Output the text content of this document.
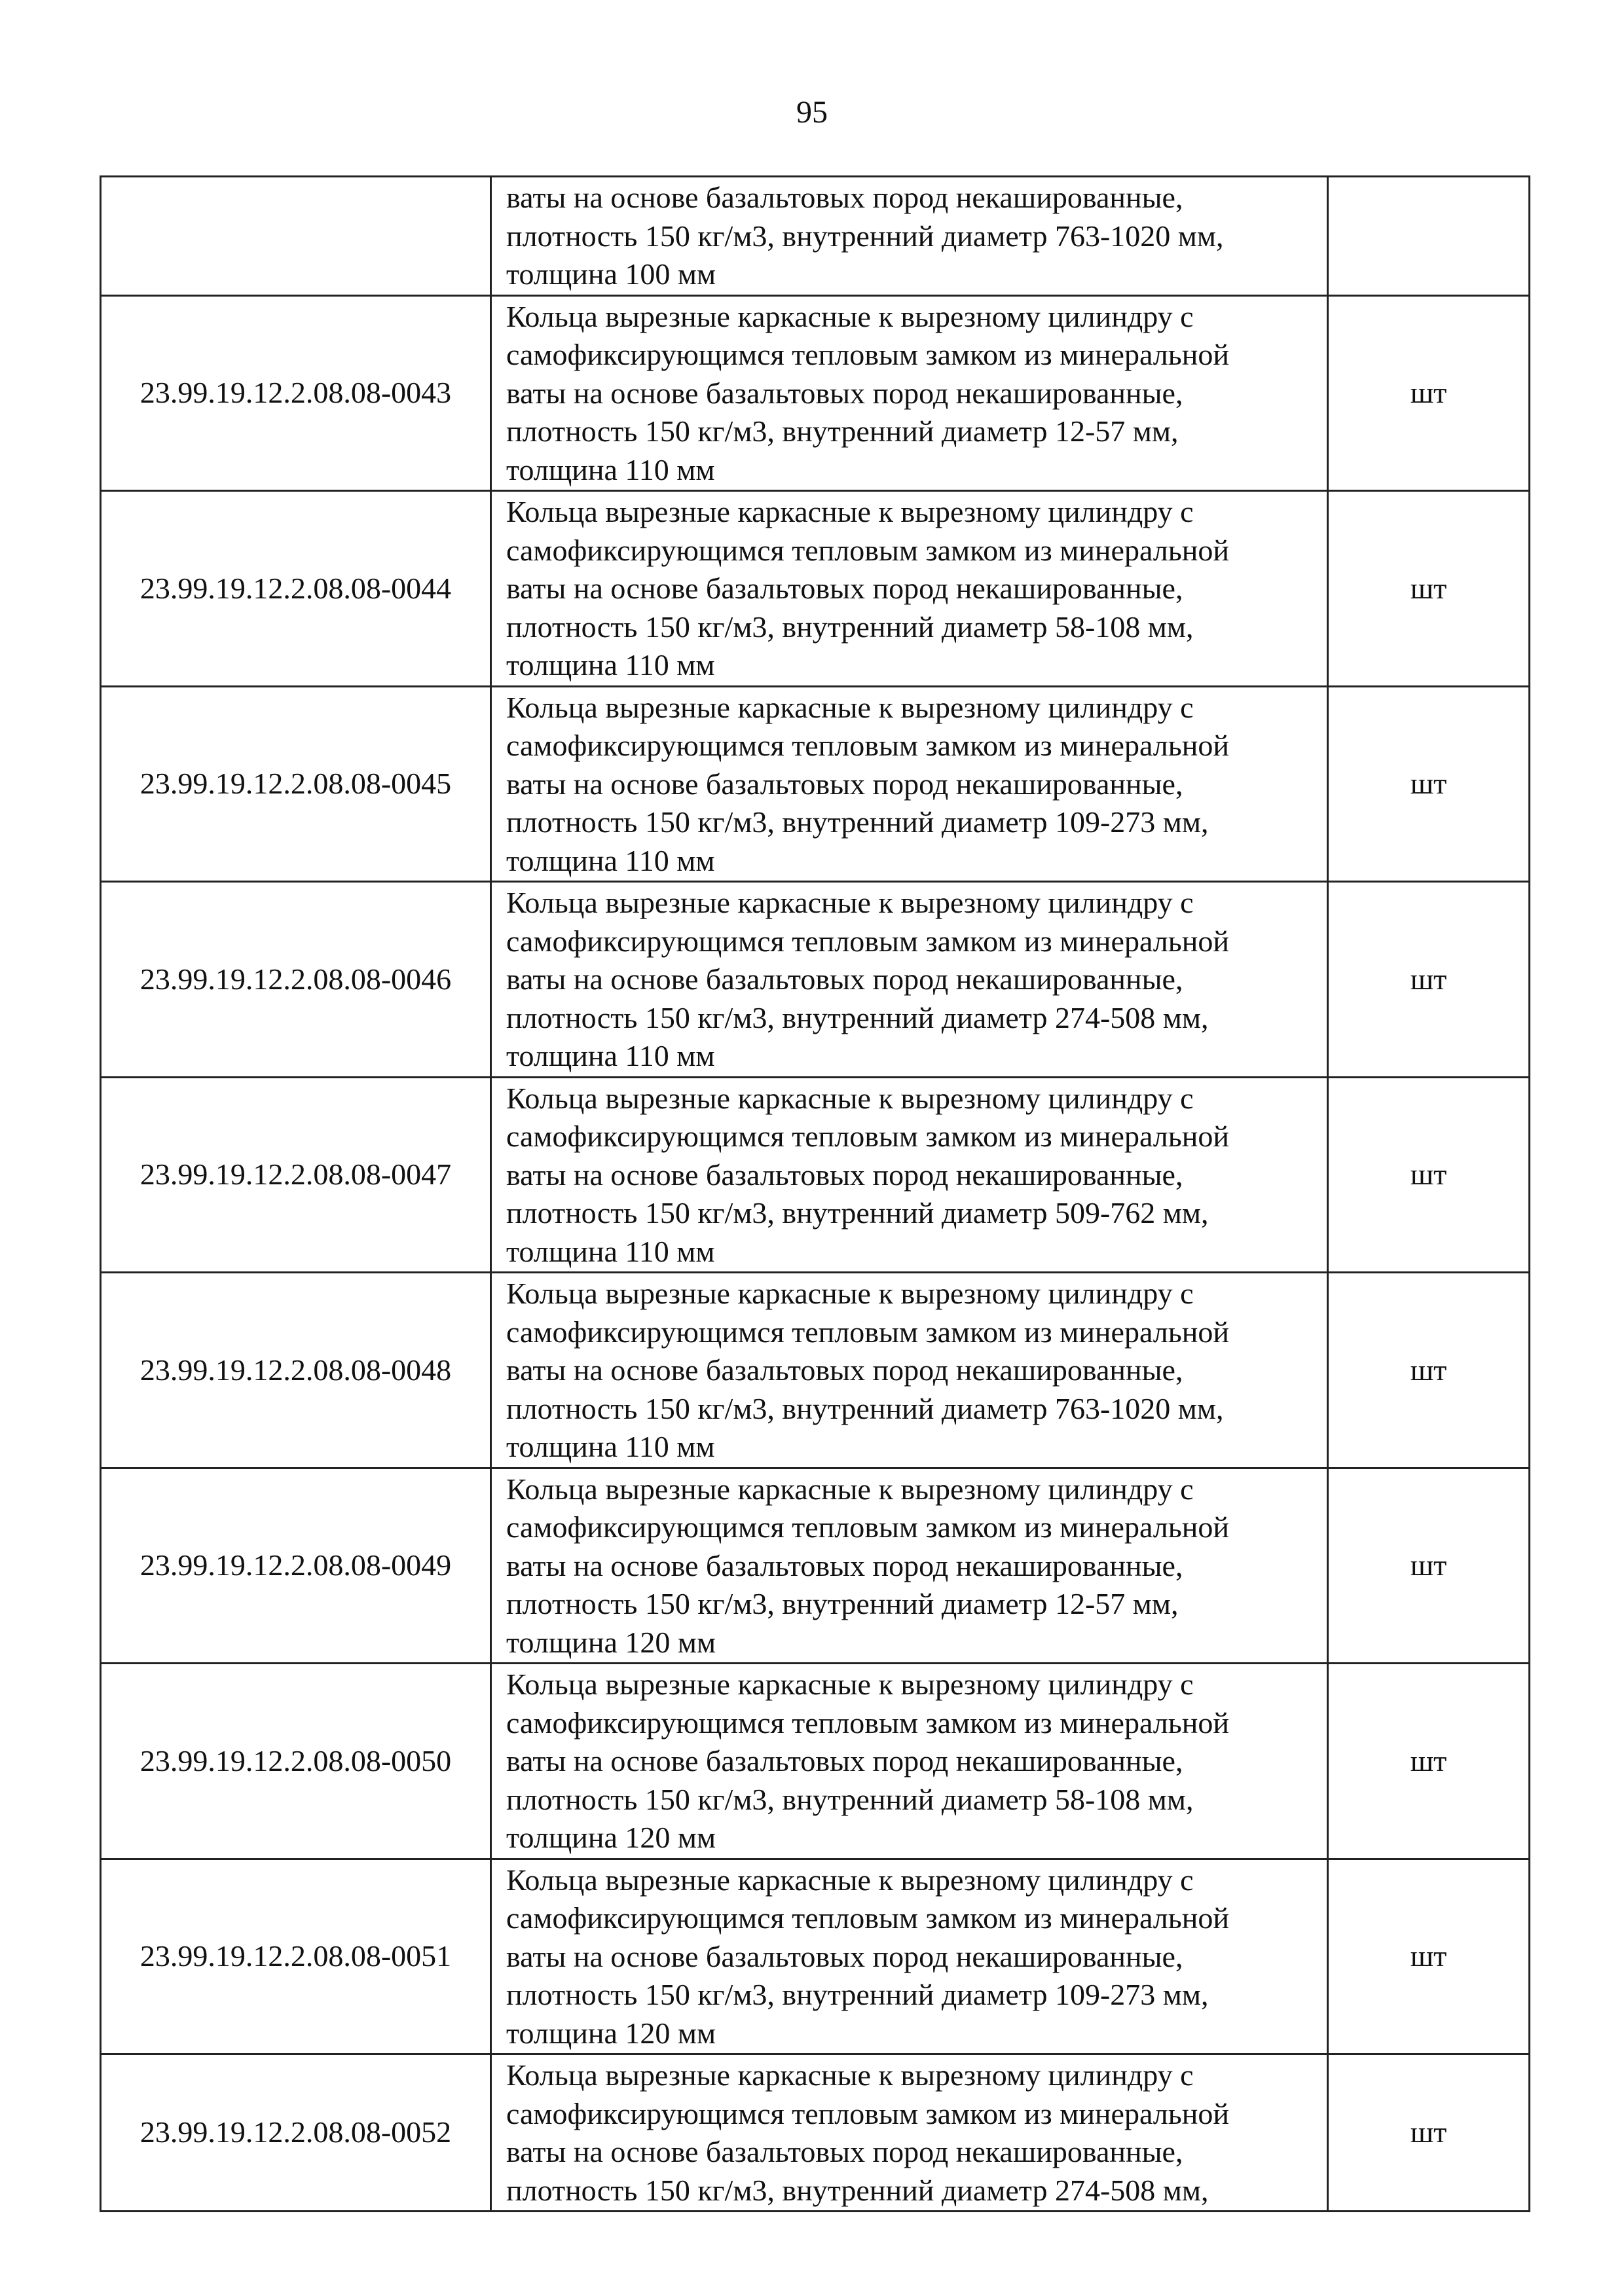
95
	ваты на основе базальтовых пород некашированные,
плотность 150 кг/м3, внутренний диаметр 763-1020 мм,
толщина 100 мм	
23.99.19.12.2.08.08-0043	Кольца вырезные каркасные к вырезному цилиндру с
самофиксирующимся тепловым замком из минеральной
ваты на основе базальтовых пород некашированные,
плотность 150 кг/м3, внутренний диаметр 12-57 мм,
толщина 110 мм	шт
23.99.19.12.2.08.08-0044	Кольца вырезные каркасные к вырезному цилиндру с
самофиксирующимся тепловым замком из минеральной
ваты на основе базальтовых пород некашированные,
плотность 150 кг/м3, внутренний диаметр 58-108 мм,
толщина 110 мм	шт
23.99.19.12.2.08.08-0045	Кольца вырезные каркасные к вырезному цилиндру с
самофиксирующимся тепловым замком из минеральной
ваты на основе базальтовых пород некашированные,
плотность 150 кг/м3, внутренний диаметр 109-273 мм,
толщина 110 мм	шт
23.99.19.12.2.08.08-0046	Кольца вырезные каркасные к вырезному цилиндру с
самофиксирующимся тепловым замком из минеральной
ваты на основе базальтовых пород некашированные,
плотность 150 кг/м3, внутренний диаметр 274-508 мм,
толщина 110 мм	шт
23.99.19.12.2.08.08-0047	Кольца вырезные каркасные к вырезному цилиндру с
самофиксирующимся тепловым замком из минеральной
ваты на основе базальтовых пород некашированные,
плотность 150 кг/м3, внутренний диаметр 509-762 мм,
толщина 110 мм	шт
23.99.19.12.2.08.08-0048	Кольца вырезные каркасные к вырезному цилиндру с
самофиксирующимся тепловым замком из минеральной
ваты на основе базальтовых пород некашированные,
плотность 150 кг/м3, внутренний диаметр 763-1020 мм,
толщина 110 мм	шт
23.99.19.12.2.08.08-0049	Кольца вырезные каркасные к вырезному цилиндру с
самофиксирующимся тепловым замком из минеральной
ваты на основе базальтовых пород некашированные,
плотность 150 кг/м3, внутренний диаметр 12-57 мм,
толщина 120 мм	шт
23.99.19.12.2.08.08-0050	Кольца вырезные каркасные к вырезному цилиндру с
самофиксирующимся тепловым замком из минеральной
ваты на основе базальтовых пород некашированные,
плотность 150 кг/м3, внутренний диаметр 58-108 мм,
толщина 120 мм	шт
23.99.19.12.2.08.08-0051	Кольца вырезные каркасные к вырезному цилиндру с
самофиксирующимся тепловым замком из минеральной
ваты на основе базальтовых пород некашированные,
плотность 150 кг/м3, внутренний диаметр 109-273 мм,
толщина 120 мм	шт
23.99.19.12.2.08.08-0052	Кольца вырезные каркасные к вырезному цилиндру с
самофиксирующимся тепловым замком из минеральной
ваты на основе базальтовых пород некашированные,
плотность 150 кг/м3, внутренний диаметр 274-508 мм,	шт
